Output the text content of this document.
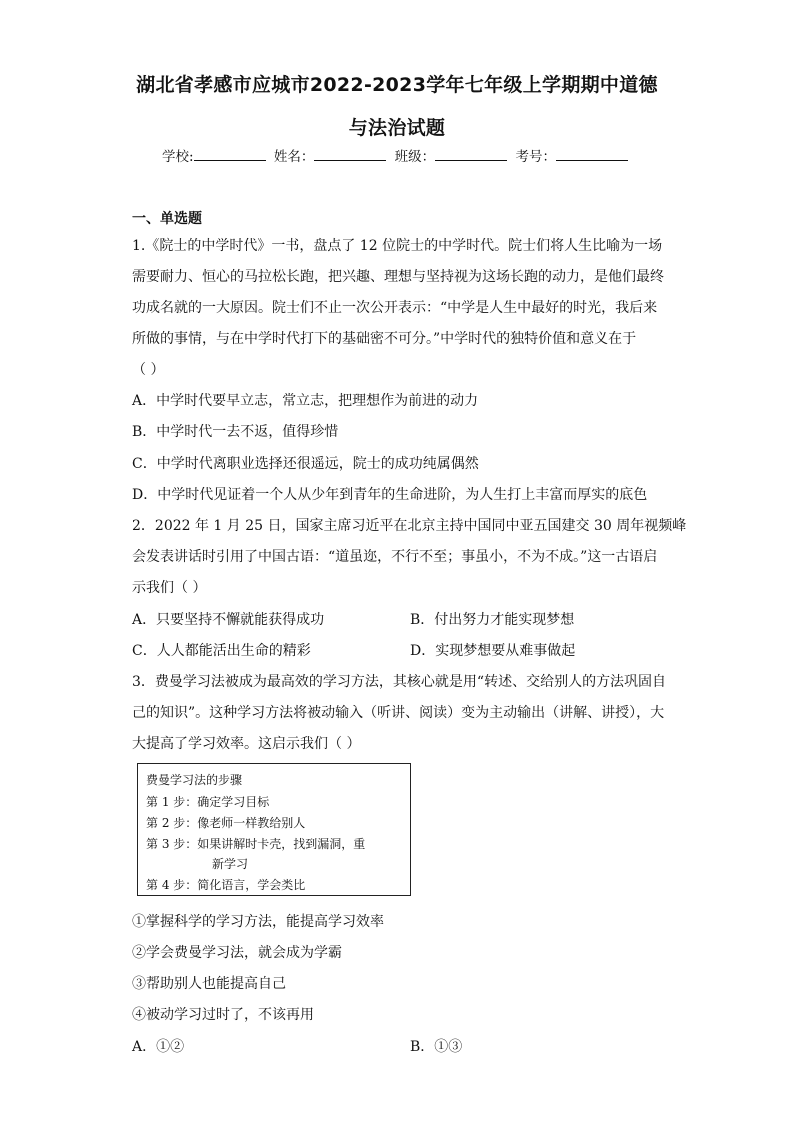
湖北省孝感市应城市2022-2023学年七年级上学期期中道德
与法治试题
学校:	姓名：	班级：	考号：
一、单选题
1.《院士的中学时代》一书，盘点了 12 位院士的中学时代。院士们将人生比喻为一场
需要耐力、恒心的马拉松长跑，把兴趣、理想与坚持视为这场长跑的动力，是他们最终
功成名就的一大原因。院士们不止一次公开表示：“中学是人生中最好的时光，我后来
所做的事情，与在中学时代打下的基础密不可分。”中学时代的独特价值和意义在于
（ ）
A．中学时代要早立志，常立志，把理想作为前进的动力
B．中学时代一去不返，值得珍惜
C．中学时代离职业选择还很遥远，院士的成功纯属偶然
D．中学时代见证着一个人从少年到青年的生命进阶，为人生打上丰富而厚实的底色
2．2022 年 1 月 25 日，国家主席习近平在北京主持中国同中亚五国建交 30 周年视频峰
会发表讲话时引用了中国古语：“道虽迩，不行不至；事虽小，不为不成。”这一古语启
示我们（ ）
A．只要坚持不懈就能获得成功	B．付出努力才能实现梦想
C．人人都能活出生命的精彩	D．实现梦想要从难事做起
3．费曼学习法被成为最高效的学习方法，其核心就是用“转述、交给别人的方法巩固自
己的知识”。这种学习方法将被动输入（听讲、阅读）变为主动输出（讲解、讲授），大
大提高了学习效率。这启示我们（ ）
费曼学习法的步骤
第 1 步：确定学习目标
第 2 步：像老师一样教给别人
第 3 步：如果讲解时卡壳，找到漏洞，重
新学习
第 4 步：简化语言，学会类比
①掌握科学的学习方法，能提高学习效率
②学会费曼学习法，就会成为学霸
③帮助别人也能提高自己
④被动学习过时了，不该再用
A．①②	B．①③
